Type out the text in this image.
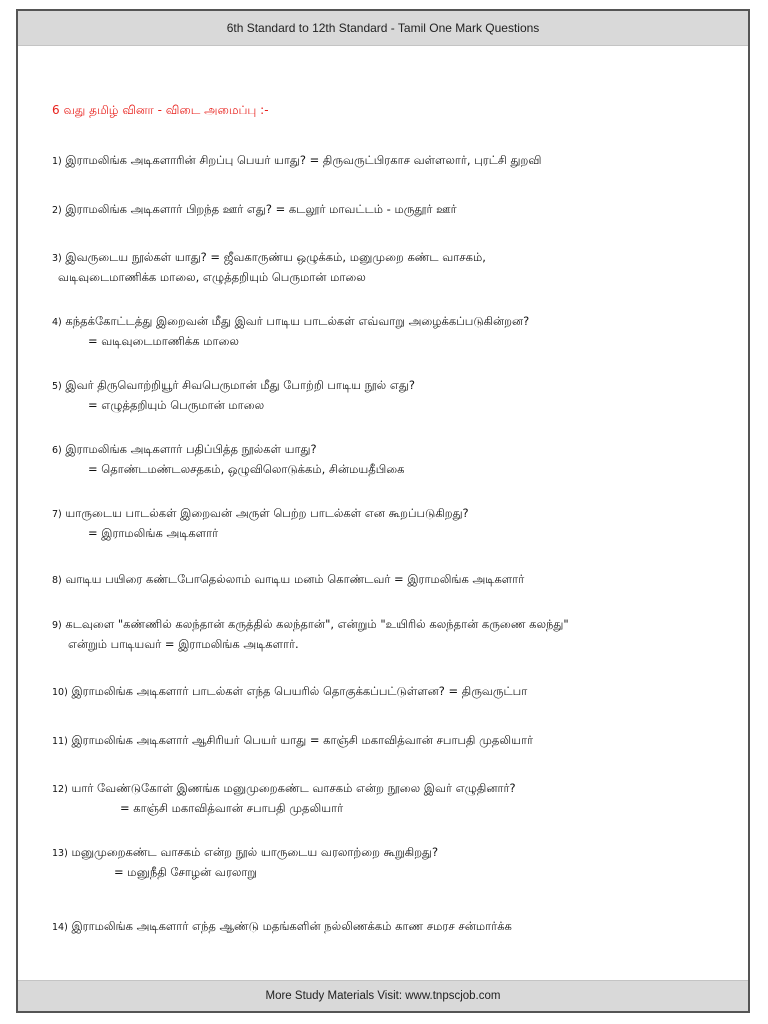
6th Standard to 12th Standard - Tamil One Mark Questions
6 வது தமிழ் வினா - விடை அமைப்பு :-
1) இராமலிங்க அடிகளாரின் சிறப்பு பெயர் யாது? = திருவருட்பிரகாச வள்ளலார், புரட்சி துறவி
2) இராமலிங்க அடிகளார் பிறந்த ஊர் எது? = கடலூர் மாவட்டம் - மருதூர் ஊர்
3) இவருடைய நூல்கள் யாது? = ஜீவகாருண்ய ஒழுக்கம், மனுமுறை கண்ட வாசகம்,
வடிவுடைமாணிக்க மாலை, எழுத்தறியும் பெருமான் மாலை
4) கந்தக்கோட்டத்து இறைவன் மீது இவர் பாடிய பாடல்கள் எவ்வாறு அழைக்கப்படுகின்றன?
= வடிவுடைமாணிக்க மாலை
5) இவர் திருவொற்றியூர் சிவபெருமான் மீது போற்றி பாடிய நூல் எது?
= எழுத்தறியும் பெருமான் மாலை
6) இராமலிங்க அடிகளார் பதிப்பித்த நூல்கள் யாது?
= தொண்டமண்டலசதகம், ஒழுவிலொடுக்கம், சின்மயதீபிகை
7) யாருடைய பாடல்கள் இறைவன் அருள் பெற்ற பாடல்கள் என கூறப்படுகிறது?
= இராமலிங்க அடிகளார்
8) வாடிய பயிரை கண்டபோதெல்லாம் வாடிய மனம் கொண்டவர் = இராமலிங்க அடிகளார்
9) கடவுளை "கண்ணில் கலந்தான் கருத்தில் கலந்தான்", என்றும் "உயிரில் கலந்தான் கருணை கலந்து"
என்றும் பாடியவர் = இராமலிங்க அடிகளார்.
10) இராமலிங்க அடிகளார் பாடல்கள் எந்த பெயரில் தொகுக்கப்பட்டுள்ளன? = திருவருட்பா
11) இராமலிங்க அடிகளார் ஆசிரியர் பெயர் யாது = காஞ்சி மகாவித்வான் சபாபதி முதலியார்
12) யார் வேண்டுகோள் இணங்க மனுமுறைகண்ட வாசகம் என்ற நூலை இவர் எழுதினார்?
= காஞ்சி மகாவித்வான் சபாபதி முதலியார்
13) மனுமுறைகண்ட வாசகம் என்ற நூல் யாருடைய வரலாற்றை கூறுகிறது?
= மனுநீதி சோழன் வரலாறு
14) இராமலிங்க அடிகளார் எந்த ஆண்டு மதங்களின் நல்லிணக்கம் காண சமரச சன்மார்க்க
More Study Materials Visit: www.tnpscjob.com
